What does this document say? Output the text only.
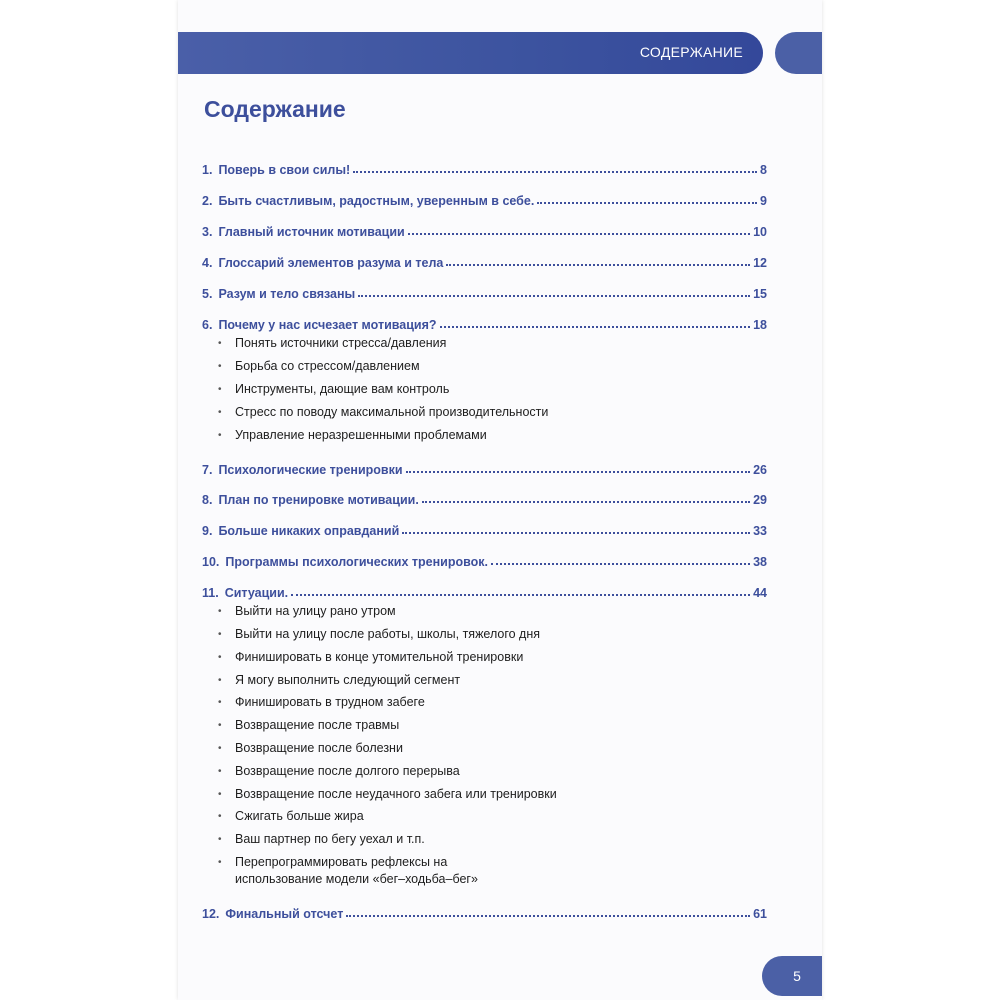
СОДЕРЖАНИЕ
Содержание
1. Поверь в свои силы!	8
2. Быть счастливым, радостным, уверенным в себе.	9
3. Главный источник мотивации	10
4. Глоссарий элементов разума и тела	12
5. Разум и тело связаны	15
6. Почему у нас исчезает мотивация?	18
• Понять источники стресса/давления
• Борьба со стрессом/давлением
• Инструменты, дающие вам контроль
• Стресс по поводу максимальной производительности
• Управление неразрешенными проблемами
7. Психологические тренировки	26
8. План по тренировке мотивации.	29
9. Больше никаких оправданий	33
10. Программы психологических тренировок.	38
11. Ситуации.	44
• Выйти на улицу рано утром
• Выйти на улицу после работы, школы, тяжелого дня
• Финишировать в конце утомительной тренировки
• Я могу выполнить следующий сегмент
• Финишировать в трудном забеге
• Возвращение после травмы
• Возвращение после болезни
• Возвращение после долгого перерыва
• Возвращение после неудачного забега или тренировки
• Сжигать больше жира
• Ваш партнер по бегу уехал и т.п.
• Перепрограммировать рефлексы на использование модели «бег–ходьба–бег»
12. Финальный отсчет	61
5
